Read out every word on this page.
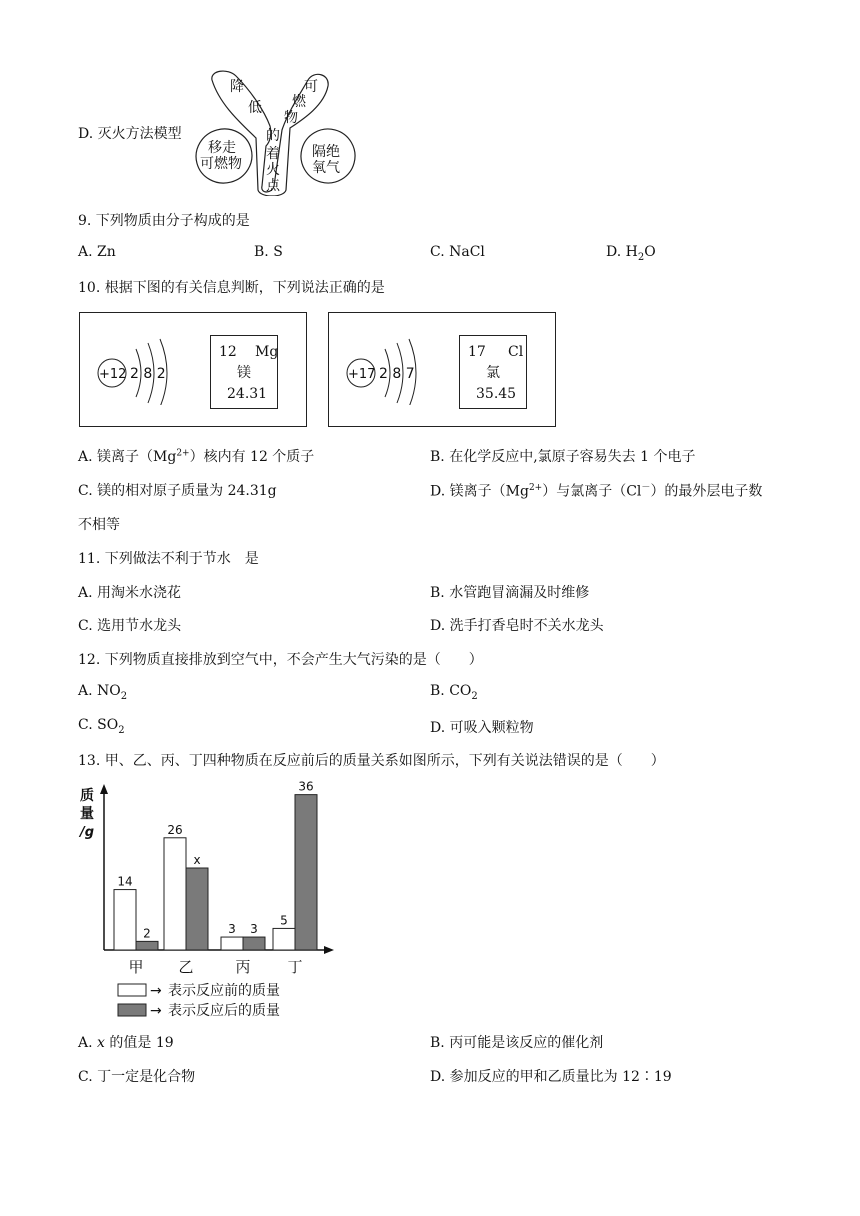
D. 灭火方法模型
降
低
可
燃
物
的
着
火
点
移走
可燃物
隔绝
氧气
9. 下列物质由分子构成的是
A. Zn	B. S	C. NaCl	D. $H_2O$
10. 根据下图的有关信息判断，下列说法正确的是
+12 2 8 2
12 Mg
镁
24.31
+17 2 8 7
17 Cl
氯
35.45
A. 镁离子$(Mg^{2+})$核内有 12 个质子	B. 在化学反应中,氯原子容易失去 1 个电子
C. 镁的相对原子质量为 24.31g	D. 镁离子$(Mg^{2+})$与氯离子（Cl－）的最外层电子数
不相等
11. 下列做法不利于节水　是
A. 用淘米水浇花	B. 水管跑冒滴漏及时维修
C. 选用节水龙头	D. 洗手打香皂时不关水龙头
12. 下列物质直接排放到空气中，不会产生大气污染的是（　　）
A. $NO_2$	B. $CO_2$
C. $SO_2$	D. 可吸入颗粒物
13. 甲、乙、丙、丁四种物质在反应前后的质量关系如图所示，下列有关说法错误的是（　　）
质
量
/g
14
2
甲
26
x
乙
3 3
丙
5
36
丁
→ 表示反应前的质量
→ 表示反应后的质量
A. x 的值是 19	B. 丙可能是该反应的催化剂
C. 丁一定是化合物	D. 参加反应的甲和乙质量比为 12∶19
